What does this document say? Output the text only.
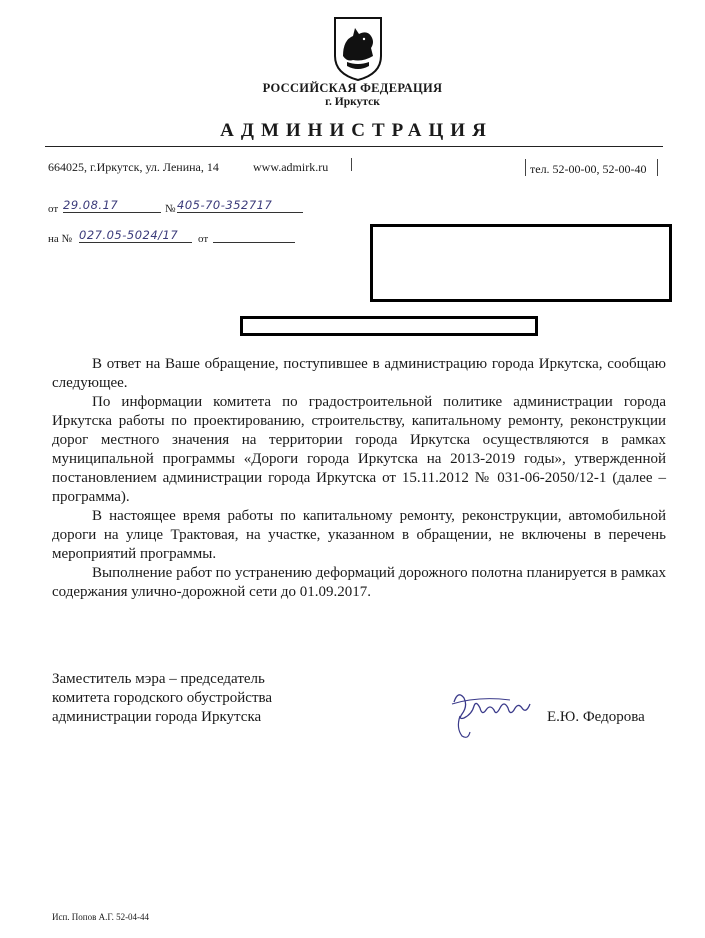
РОССИЙСКАЯ ФЕДЕРАЦИЯ
г. Иркутск
АДМИНИСТРАЦИЯ
664025, г.Иркутск, ул. Ленина, 14	www.admirk.ru	тел. 52-00-00, 52-00-40
от 29.08.17	№ 405-70-352717
на № 027.05-5024/17	от

В ответ на Ваше обращение, поступившее в администрацию города Иркутска, сообщаю следующее.

По информации комитета по градостроительной политике администрации города Иркутска работы по проектированию, строительству, капитальному ремонту, реконструкции дорог местного значения на территории города Иркутска осуществляются в рамках муниципальной программы «Дороги города Иркутска на 2013-2019 годы», утвержденной постановлением администрации города Иркутска от 15.11.2012 № 031-06-2050/12-1 (далее – программа).

В настоящее время работы по капитальному ремонту, реконструкции, автомобильной дороги на улице Трактовая, на участке, указанном в обращении, не включены в перечень мероприятий программы.

Выполнение работ по устранению деформаций дорожного полотна планируется в рамках содержания улично-дорожной сети до 01.09.2017.

Заместитель мэра – председатель
комитета городского обустройства
администрации города Иркутска	Е.Ю. Федорова
Исп. Попов А.Г. 52-04-44
